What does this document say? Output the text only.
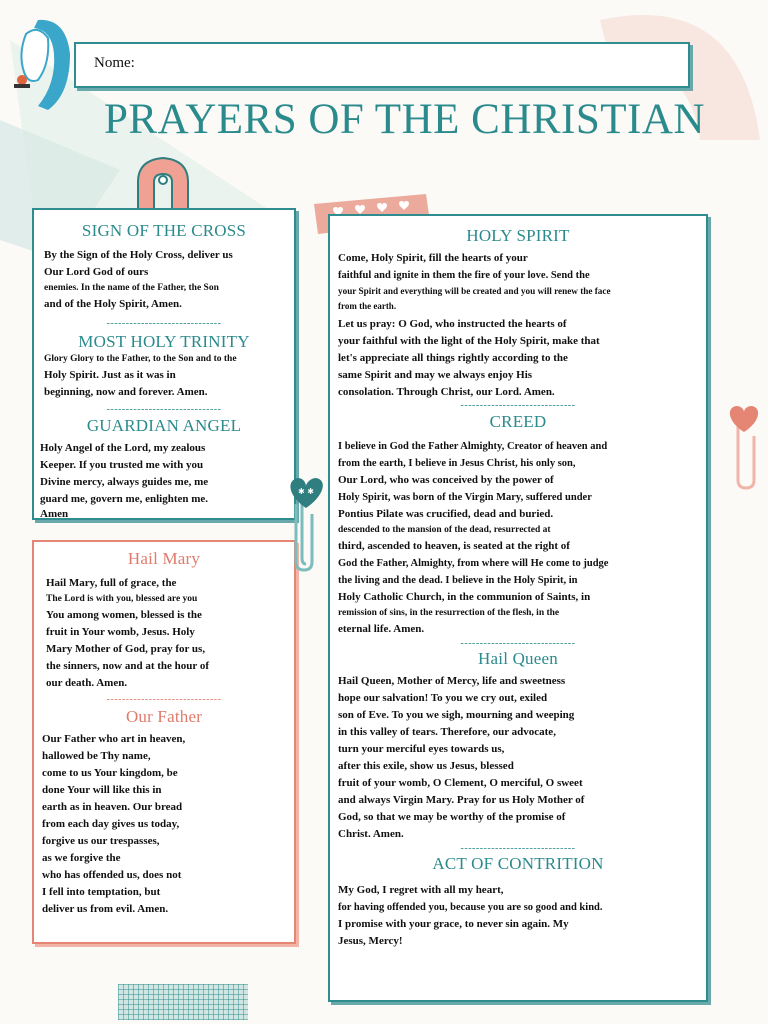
Nome:
PRAYERS OF THE CHRISTIAN
SIGN OF THE CROSS

By the Sign of the Holy Cross, deliver us

Our Lord God of ours

enemies. In the name of the Father, the Son

and of the Holy Spirit, Amen.

------------------------------
MOST HOLY TRINITY

Glory Glory to the Father, to the Son and to the

Holy Spirit. Just as it was in

beginning, now and forever. Amen.

------------------------------
GUARDIAN ANGEL

Holy Angel of the Lord, my zealous

Keeper. If you trusted me with you

Divine mercy, always guides me, me

guard me, govern me, enlighten me.

Amen

Hail Mary

Hail Mary, full of grace, the

The Lord is with you, blessed are you

You among women, blessed is the

fruit in Your womb, Jesus. Holy

Mary Mother of God, pray for us,

the sinners, now and at the hour of

our death. Amen.

------------------------------
Our Father

Our Father who art in heaven,

hallowed be Thy name,

come to us Your kingdom, be

done Your will like this in

earth as in heaven. Our bread

from each day gives us today,

forgive us our trespasses,

as we forgive the

who has offended us, does not

I fell into temptation, but

deliver us from evil. Amen.

✱ ✱
HOLY SPIRIT

Come, Holy Spirit, fill the hearts of your

faithful and ignite in them the fire of your love. Send the

your Spirit and everything will be created and you will renew the face

from the earth.

Let us pray: O God, who instructed the hearts of

your faithful with the light of the Holy Spirit, make that

let's appreciate all things rightly according to the

same Spirit and may we always enjoy His

consolation. Through Christ, our Lord. Amen.

------------------------------
CREED

I believe in God the Father Almighty, Creator of heaven and

from the earth, I believe in Jesus Christ, his only son,

Our Lord, who was conceived by the power of

Holy Spirit, was born of the Virgin Mary, suffered under

Pontius Pilate was crucified, dead and buried.

descended to the mansion of the dead, resurrected at

third, ascended to heaven, is seated at the right of

God the Father, Almighty, from where will He come to judge

the living and the dead. I believe in the Holy Spirit, in

Holy Catholic Church, in the communion of Saints, in

remission of sins, in the resurrection of the flesh, in the

eternal life. Amen.

------------------------------
Hail Queen

Hail Queen, Mother of Mercy, life and sweetness

hope our salvation! To you we cry out, exiled

son of Eve. To you we sigh, mourning and weeping

in this valley of tears. Therefore, our advocate,

turn your merciful eyes towards us,

after this exile, show us Jesus, blessed

fruit of your womb, O Clement, O merciful, O sweet

and always Virgin Mary. Pray for us Holy Mother of

God, so that we may be worthy of the promise of

Christ. Amen.

------------------------------
ACT OF CONTRITION

My God, I regret with all my heart,

for having offended you, because you are so good and kind.

I promise with your grace, to never sin again. My

Jesus, Mercy!
